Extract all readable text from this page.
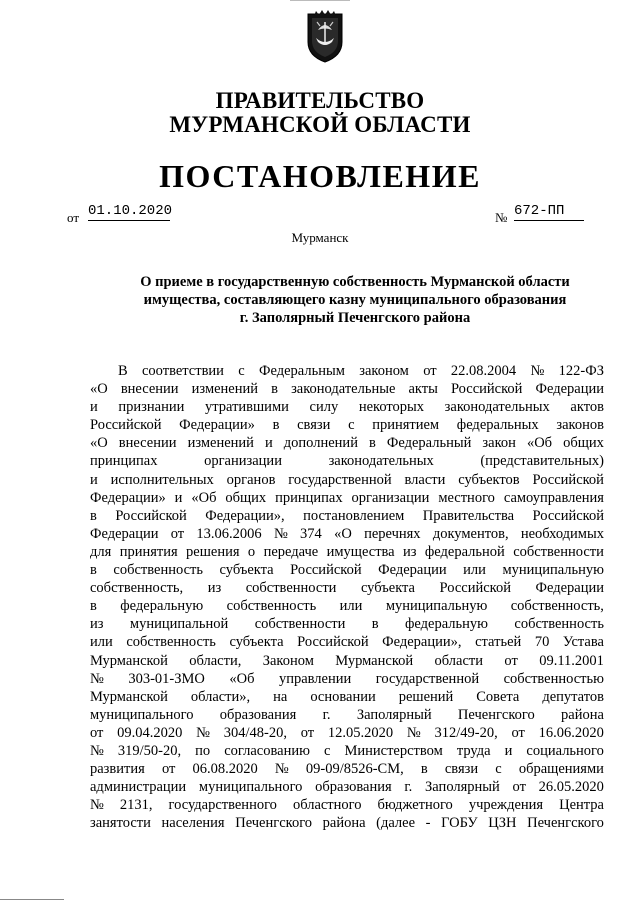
ПРАВИТЕЛЬСТВО
МУРМАНСКОЙ ОБЛАСТИ
ПОСТАНОВЛЕНИЕ
от 01.10.2020	№ 672-ПП
Мурманск
О приеме в государственную собственность Мурманской области
имущества, составляющего казну муниципального образования
г. Заполярный Печенгского района
В соответствии с Федеральным законом от 22.08.2004 № 122-ФЗ
«О внесении изменений в законодательные акты Российской Федерации
и признании утратившими силу некоторых законодательных актов
Российской Федерации» в связи с принятием федеральных законов
«О внесении изменений и дополнений в Федеральный закон «Об общих
принципах	организации	законодательных	(представительных)
и исполнительных органов государственной власти субъектов Российской
Федерации» и «Об общих принципах организации местного самоуправления
в Российской Федерации», постановлением Правительства Российской
Федерации от 13.06.2006 № 374 «О перечнях документов, необходимых
для принятия решения о передаче имущества из федеральной собственности
в собственность субъекта Российской Федерации или муниципальную
собственность, из собственности субъекта Российской Федерации
в федеральную собственность или муниципальную собственность,
из муниципальной собственности в федеральную собственность
или собственность субъекта Российской Федерации», статьей 70 Устава
Мурманской области, Законом Мурманской области от 09.11.2001
№ 303-01-ЗМО «Об управлении государственной собственностью
Мурманской области», на основании решений Совета депутатов
муниципального образования г. Заполярный Печенгского района
от 09.04.2020 № 304/48-20, от 12.05.2020 № 312/49-20, от 16.06.2020
№ 319/50-20, по согласованию с Министерством труда и социального
развития от 06.08.2020 № 09-09/8526-СМ, в связи с обращениями
администрации муниципального образования г. Заполярный от 26.05.2020
№ 2131, государственного областного бюджетного учреждения Центра
занятости населения Печенгского района (далее - ГОБУ ЦЗН Печенгского
